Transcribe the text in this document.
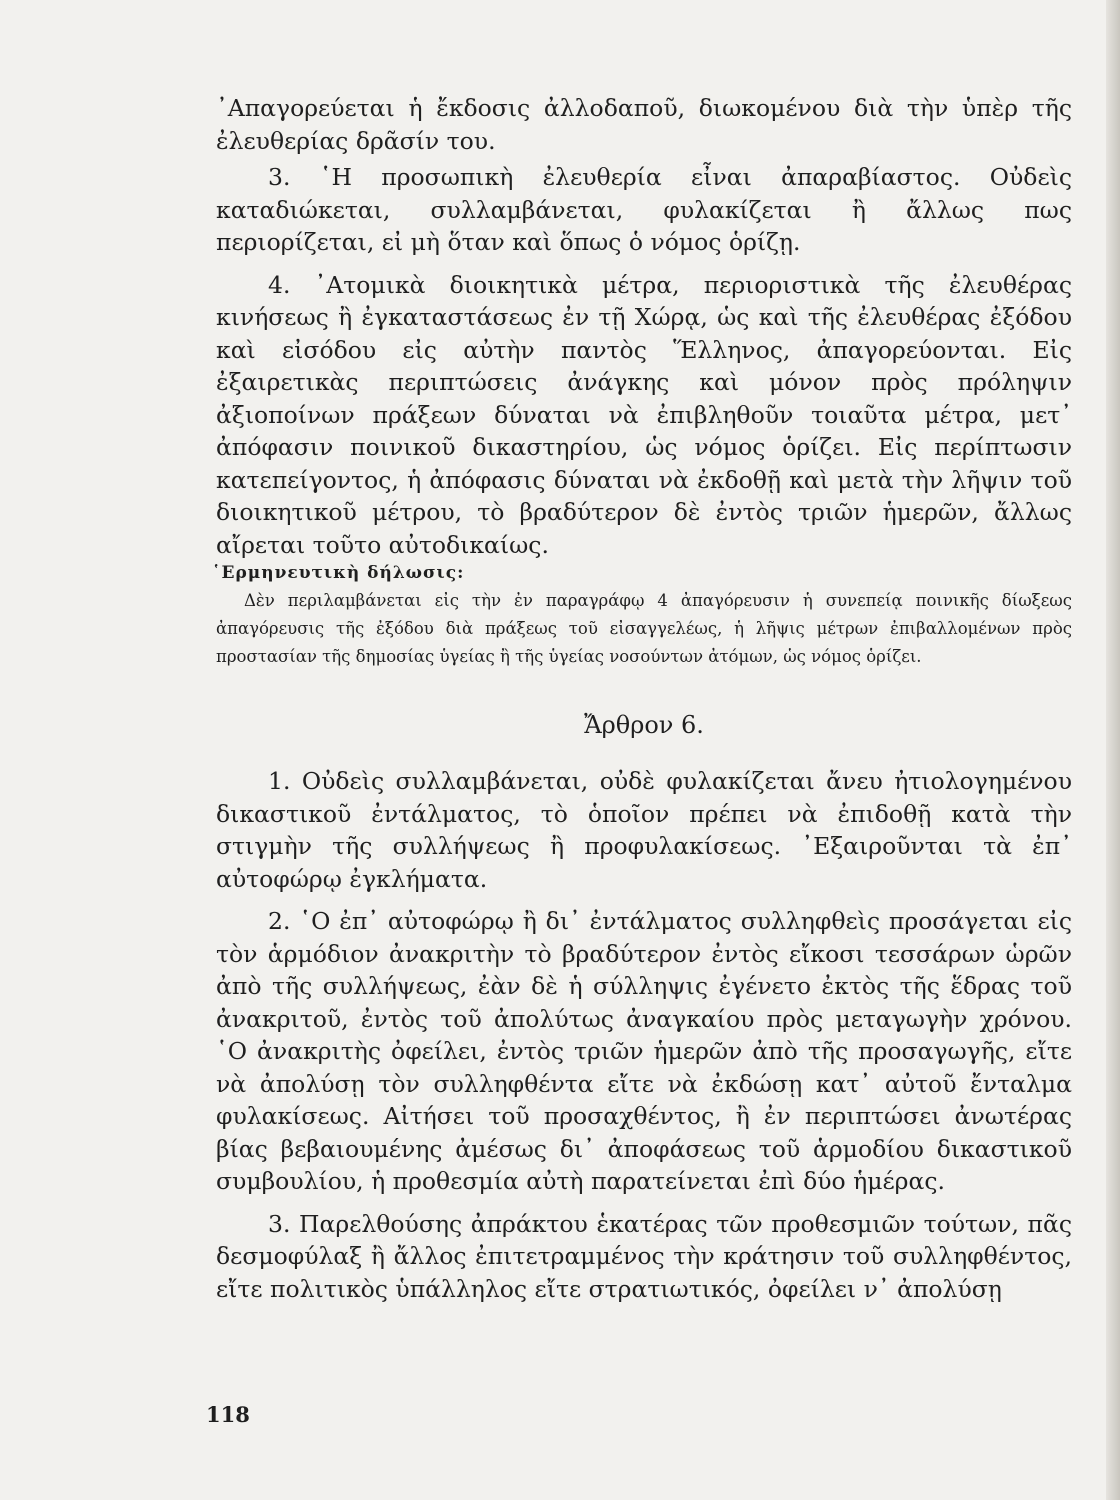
᾿Απαγορεύεται ἡ ἔκδοσις ἀλλοδαποῦ, διωκομένου διὰ τὴν ὑπὲρ τῆς ἐλευθερίας δρᾶσίν του.

3. ῾Η προσωπικὴ ἐλευθερία εἶναι ἀπαραβίαστος. Οὐδεὶς καταδιώκεται, συλλαμβάνεται, φυλακίζεται ἢ ἄλλως πως περιορίζεται, εἰ μὴ ὅταν καὶ ὅπως ὁ νόμος ὁρίζῃ.

4. ᾿Ατομικὰ διοικητικὰ μέτρα, περιοριστικὰ τῆς ἐλευθέρας κινήσεως ἢ ἐγκαταστάσεως ἐν τῇ Χώρᾳ, ὡς καὶ τῆς ἐλευθέρας ἐξόδου καὶ εἰσόδου εἰς αὐτὴν παντὸς Ἕλληνος, ἀπαγορεύονται. Εἰς ἐξαιρετικὰς περιπτώσεις ἀνάγκης καὶ μόνον πρὸς πρόληψιν ἀξιοποίνων πράξεων δύναται νὰ ἐπιβληθοῦν τοιαῦτα μέτρα, μετ᾿ ἀπόφασιν ποινικοῦ δικαστηρίου, ὡς νόμος ὁρίζει. Εἰς περίπτωσιν κατεπείγοντος, ἡ ἀπόφασις δύναται νὰ ἐκδοθῇ καὶ μετὰ τὴν λῆψιν τοῦ διοικητικοῦ μέτρου, τὸ βραδύτερον δὲ ἐντὸς τριῶν ἡμερῶν, ἄλλως αἴρεται τοῦτο αὐτοδικαίως.

῾Ερμηνευτικὴ δήλωσις:

Δὲν περιλαμβάνεται εἰς τὴν ἐν παραγράφῳ 4 ἀπαγόρευσιν ἡ συνεπείᾳ ποινικῆς δίωξεως ἀπαγόρευσις τῆς ἐξόδου διὰ πράξεως τοῦ εἰσαγγελέως, ἡ λῆψις μέτρων ἐπιβαλλομένων πρὸς προστασίαν τῆς δημοσίας ὑγείας ἢ τῆς ὑγείας νοσούντων ἀτόμων, ὡς νόμος ὁρίζει.

Ἄρθρον 6.

1. Οὐδεὶς συλλαμβάνεται, οὐδὲ φυλακίζεται ἄνευ ἠτιολογημένου δικαστικοῦ ἐντάλματος, τὸ ὁποῖον πρέπει νὰ ἐπιδοθῇ κατὰ τὴν στιγμὴν τῆς συλλήψεως ἢ προφυλακίσεως. ᾿Εξαιροῦνται τὰ ἐπ᾿ αὐτοφώρῳ ἐγκλήματα.

2. ῾Ο ἐπ᾿ αὐτοφώρῳ ἢ δι᾿ ἐντάλματος συλληφθεὶς προσάγεται εἰς τὸν ἁρμόδιον ἀνακριτὴν τὸ βραδύτερον ἐντὸς εἴκοσι τεσσάρων ὡρῶν ἀπὸ τῆς συλλήψεως, ἐὰν δὲ ἡ σύλληψις ἐγένετο ἐκτὸς τῆς ἕδρας τοῦ ἀνακριτοῦ, ἐντὸς τοῦ ἀπολύτως ἀναγκαίου πρὸς μεταγωγὴν χρόνου. ῾Ο ἀνακριτὴς ὀφείλει, ἐντὸς τριῶν ἡμερῶν ἀπὸ τῆς προσαγωγῆς, εἴτε νὰ ἀπολύσῃ τὸν συλληφθέντα εἴτε νὰ ἐκδώσῃ κατ᾿ αὐτοῦ ἔνταλμα φυλακίσεως. Αἰτήσει τοῦ προσαχθέντος, ἢ ἐν περιπτώσει ἀνωτέρας βίας βεβαιουμένης ἀμέσως δι᾿ ἀποφάσεως τοῦ ἁρμοδίου δικαστικοῦ συμβουλίου, ἡ προθεσμία αὐτὴ παρατείνεται ἐπὶ δύο ἡμέρας.

3. Παρελθούσης ἀπράκτου ἑκατέρας τῶν προθεσμιῶν τούτων, πᾶς δεσμοφύλαξ ἢ ἄλλος ἐπιτετραμμένος τὴν κράτησιν τοῦ συλληφθέντος, εἴτε πολιτικὸς ὑπάλληλος εἴτε στρατιωτικός, ὀφείλει ν᾿ ἀπολύσῃ

118
